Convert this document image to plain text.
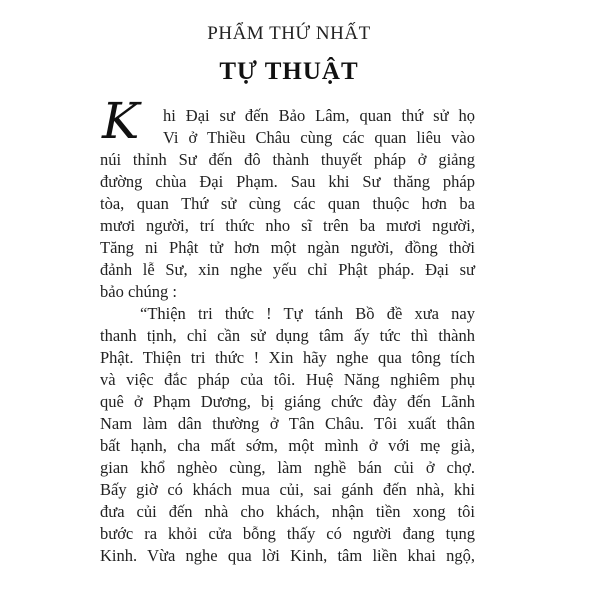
PHẨM THỨ NHẤT
TỰ THUẬT
K hi Đại sư đến Bảo Lâm, quan thứ sử họ
Vi ở Thiều Châu cùng các quan liêu vào
núi thỉnh Sư đến đô thành thuyết pháp ở giảng
đường chùa Đại Phạm. Sau khi Sư thăng pháp
tòa, quan Thứ sử cùng các quan thuộc hơn ba
mươi người, trí thức nho sĩ trên ba mươi người,
Tăng ni Phật tử hơn một ngàn người, đồng thời
đảnh lễ Sư, xin nghe yếu chỉ Phật pháp. Đại sư
bảo chúng :
“Thiện tri thức ! Tự tánh Bồ đề xưa nay
thanh tịnh, chỉ cần sử dụng tâm ấy tức thì thành
Phật. Thiện tri thức ! Xin hãy nghe qua tông tích
và việc đắc pháp của tôi. Huệ Năng nghiêm phụ
quê ở Phạm Dương, bị giáng chức đày đến Lãnh
Nam làm dân thường ở Tân Châu. Tôi xuất thân
bất hạnh, cha mất sớm, một mình ở với mẹ già,
gian khổ nghèo cùng, làm nghề bán củi ở chợ.
Bấy giờ có khách mua củi, sai gánh đến nhà, khi
đưa củi đến nhà cho khách, nhận tiền xong tôi
bước ra khỏi cửa bỗng thấy có người đang tụng
Kinh. Vừa nghe qua lời Kinh, tâm liền khai ngộ,
